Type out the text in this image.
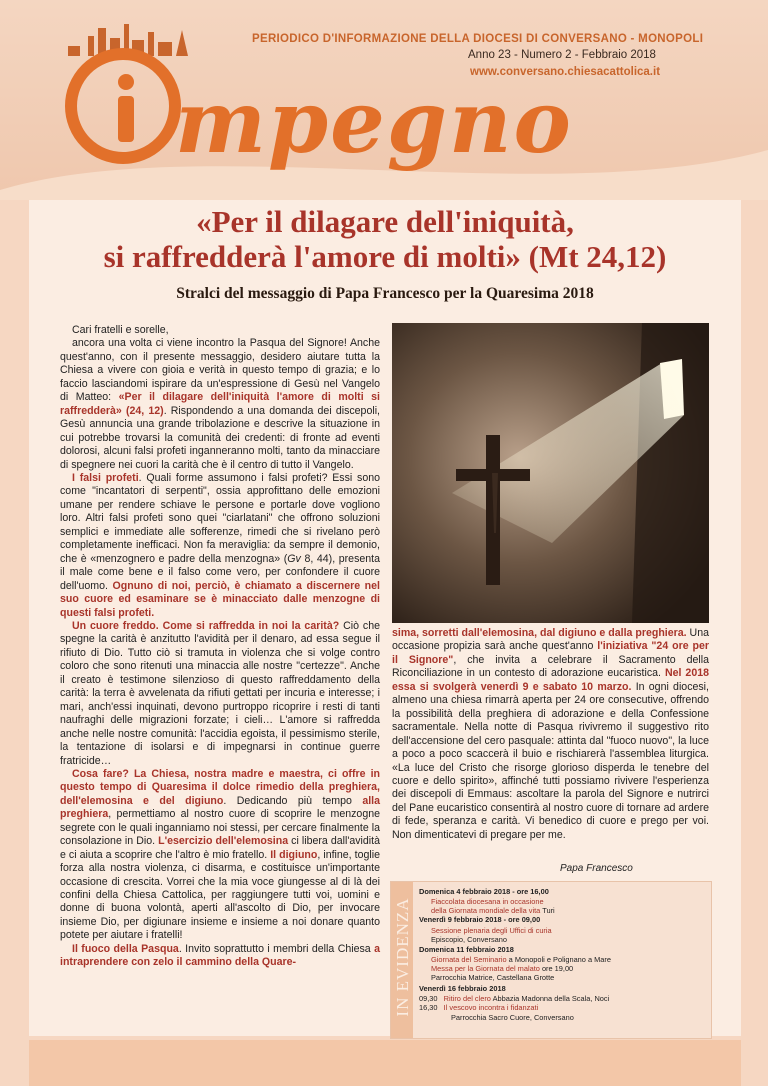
mpegno
PERIODICO D'INFORMAZIONE DELLA DIOCESI DI CONVERSANO - MONOPOLI
Anno 23 - Numero 2 - Febbraio 2018
www.conversano.chiesacattolica.it
«Per il dilagare dell'iniquità,
si raffredderà l'amore di molti» (Mt 24,12)
Stralci del messaggio di Papa Francesco per la Quaresima 2018

Cari fratelli e sorelle,

ancora una volta ci viene incontro la Pasqua del Signore! Anche quest'anno, con il presente messaggio, desidero aiutare tutta la Chiesa a vivere con gioia e verità in questo tempo di grazia; e lo faccio lasciandomi ispirare da un'espressione di Gesù nel Vangelo di Matteo: «Per il dilagare dell'iniquità l'amore di molti si raffredderà» (24, 12). Rispondendo a una domanda dei discepoli, Gesù annuncia una grande tribolazione e descrive la situazione in cui potrebbe trovarsi la comunità dei credenti: di fronte ad eventi dolorosi, alcuni falsi profeti inganneranno molti, tanto da minacciare di spegnere nei cuori la carità che è il centro di tutto il Vangelo.

I falsi profeti. Quali forme assumono i falsi profeti? Essi sono come "incantatori di serpenti", ossia approfittano delle emozioni umane per rendere schiave le persone e portarle dove vogliono loro. Altri falsi profeti sono quei "ciarlatani" che offrono soluzioni semplici e immediate alle sofferenze, rimedi che si rivelano però completamente inefficaci. Non fa meraviglia: da sempre il demonio, che è «menzognero e padre della menzogna» (Gv 8, 44), presenta il male come bene e il falso come vero, per confondere il cuore dell'uomo. Ognuno di noi, perciò, è chiamato a discernere nel suo cuore ed esaminare se è minacciato dalle menzogne di questi falsi profeti.

Un cuore freddo. Come si raffredda in noi la carità? Ciò che spegne la carità è anzitutto l'avidità per il denaro, ad essa segue il rifiuto di Dio. Tutto ciò si tramuta in violenza che si volge contro coloro che sono ritenuti una minaccia alle nostre "certezze". Anche il creato è testimone silenzioso di questo raffreddamento della carità: la terra è avvelenata da rifiuti gettati per incuria e interesse; i mari, anch'essi inquinati, devono purtroppo ricoprire i resti di tanti naufraghi delle migrazioni forzate; i cieli… L'amore si raffredda anche nelle nostre comunità: l'accidia egoista, il pessimismo sterile, la tentazione di isolarsi e di impegnarsi in continue guerre fratricide…

Cosa fare? La Chiesa, nostra madre e maestra, ci offre in questo tempo di Quaresima il dolce rimedio della preghiera, dell'elemosina e del digiuno. Dedicando più tempo alla preghiera, permettiamo al nostro cuore di scoprire le menzogne segrete con le quali inganniamo noi stessi, per cercare finalmente la consolazione in Dio. L'esercizio dell'elemosina ci libera dall'avidità e ci aiuta a scoprire che l'altro è mio fratello. Il digiuno, infine, toglie forza alla nostra violenza, ci disarma, e costituisce un'importante occasione di crescita. Vorrei che la mia voce giungesse al di là dei confini della Chiesa Cattolica, per raggiungere tutti voi, uomini e donne di buona volontà, aperti all'ascolto di Dio, per invocare insieme Dio, per digiunare insieme e insieme a noi donare quanto potete per aiutare i fratelli!

Il fuoco della Pasqua. Invito soprattutto i membri della Chiesa a intraprendere con zelo il cammino della Quare-

sima, sorretti dall'elemosina, dal digiuno e dalla preghiera. Una occasione propizia sarà anche quest'anno l'iniziativa "24 ore per il Signore", che invita a celebrare il Sacramento della Riconciliazione in un contesto di adorazione eucaristica. Nel 2018 essa si svolgerà venerdì 9 e sabato 10 marzo. In ogni diocesi, almeno una chiesa rimarrà aperta per 24 ore consecutive, offrendo la possibilità della preghiera di adorazione e della Confessione sacramentale. Nella notte di Pasqua rivivremo il suggestivo rito dell'accensione del cero pasquale: attinta dal "fuoco nuovo", la luce a poco a poco scaccerà il buio e rischiarerà l'assemblea liturgica. «La luce del Cristo che risorge glorioso disperda le tenebre del cuore e dello spirito», affinché tutti possiamo rivivere l'esperienza dei discepoli di Emmaus: ascoltare la parola del Signore e nutrirci del Pane eucaristico consentirà al nostro cuore di tornare ad ardere di fede, speranza e carità. Vi benedico di cuore e prego per voi. Non dimenticatevi di pregare per me.

Papa Francesco
IN EVIDENZA
Domenica 4 febbraio 2018 - ore 16,00
Fiaccolata diocesana in occasione
della Giornata mondiale della vita Turi
Venerdì 9 febbraio 2018 - ore 09,00
Sessione plenaria degli Uffici di curia
Episcopio, Conversano
Domenica 11 febbraio 2018
Giornata del Seminario a Monopoli e Polignano a Mare
Messa per la Giornata del malato ore 19,00
Parrocchia Matrice, Castellana Grotte
Venerdì 16 febbraio 2018
09,30 Ritiro del clero Abbazia Madonna della Scala, Noci
16,30 Il vescovo incontra i fidanzati
Parrocchia Sacro Cuore, Conversano
